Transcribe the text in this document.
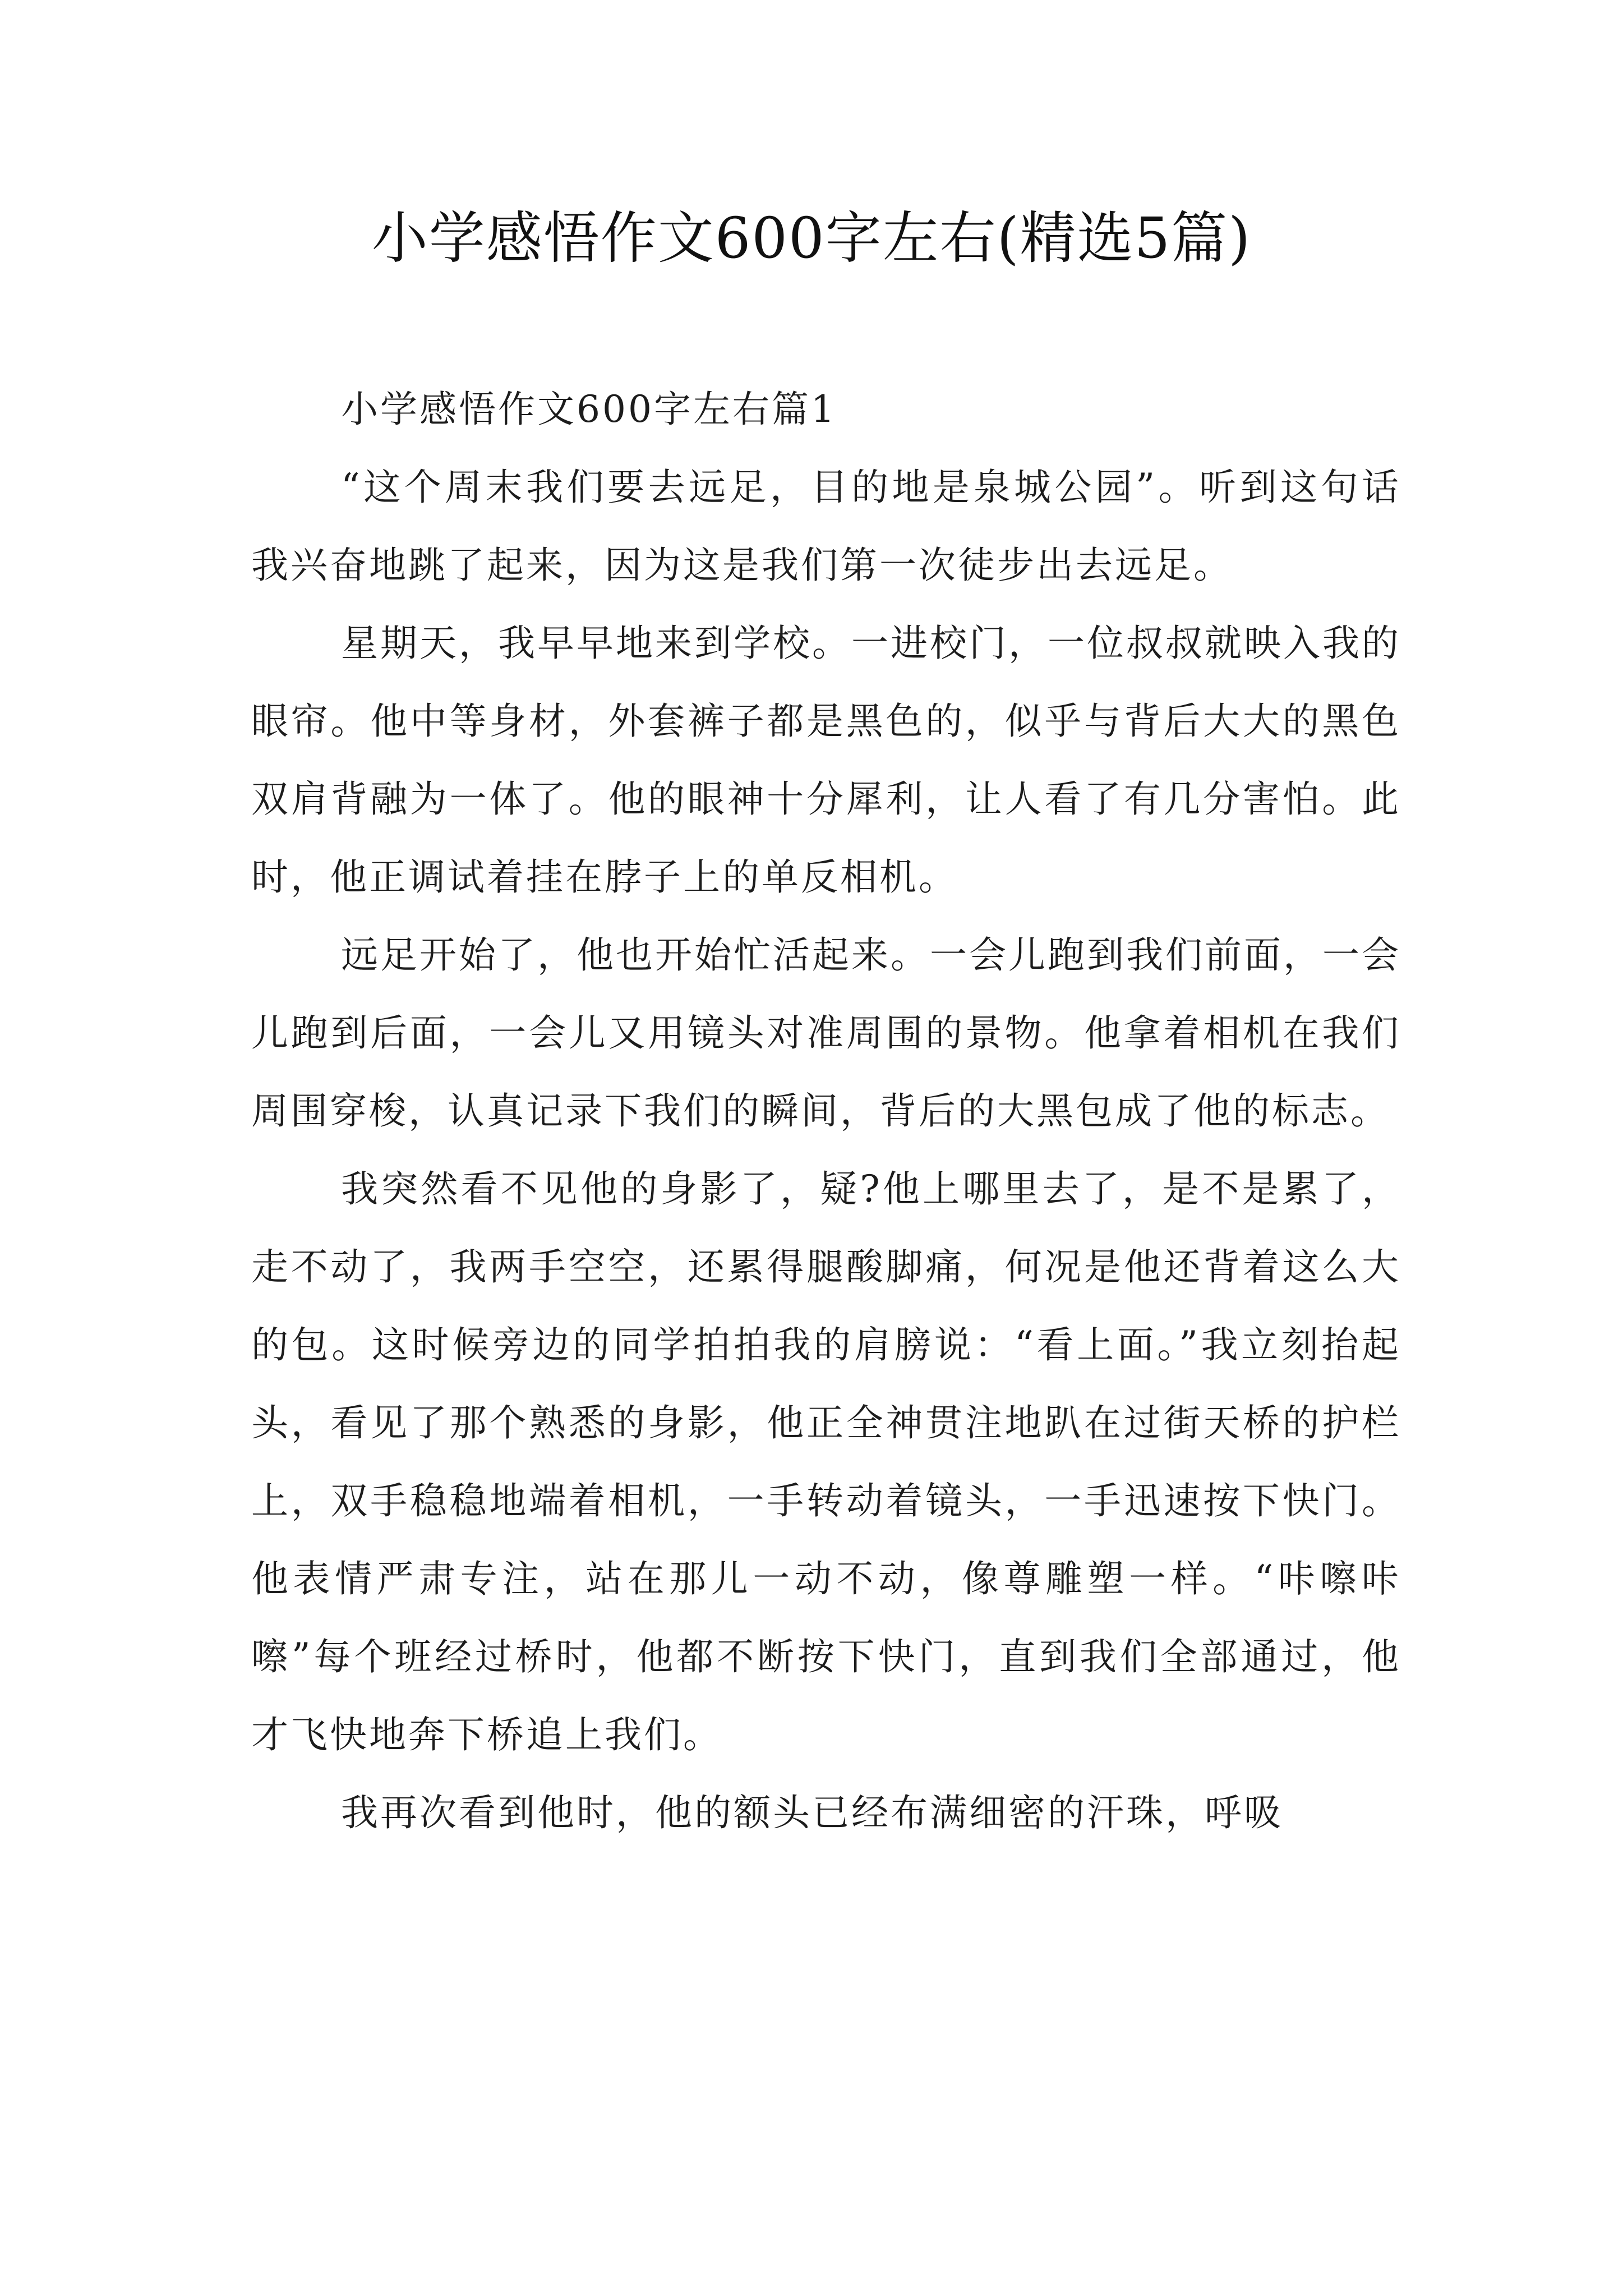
小学感悟作文600字左右(精选5篇)

小学感悟作文600字左右篇1

“这个周末我们要去远足，目的地是泉城公园”。听到这句话我兴奋地跳了起来，因为这是我们第一次徒步出去远足。

星期天，我早早地来到学校。一进校门，一位叔叔就映入我的眼帘。他中等身材，外套裤子都是黑色的，似乎与背后大大的黑色双肩背融为一体了。他的眼神十分犀利，让人看了有几分害怕。此时，他正调试着挂在脖子上的单反相机。

远足开始了，他也开始忙活起来。一会儿跑到我们前面，一会儿跑到后面，一会儿又用镜头对准周围的景物。他拿着相机在我们周围穿梭，认真记录下我们的瞬间，背后的大黑包成了他的标志。

我突然看不见他的身影了，疑?他上哪里去了，是不是累了，走不动了，我两手空空，还累得腿酸脚痛，何况是他还背着这么大的包。这时候旁边的同学拍拍我的肩膀说：“看上面。”我立刻抬起头，看见了那个熟悉的身影，他正全神贯注地趴在过街天桥的护栏上，双手稳稳地端着相机，一手转动着镜头，一手迅速按下快门。他表情严肃专注，站在那儿一动不动，像尊雕塑一样。“咔嚓咔嚓”每个班经过桥时，他都不断按下快门，直到我们全部通过，他才飞快地奔下桥追上我们。

我再次看到他时，他的额头已经布满细密的汗珠，呼吸
